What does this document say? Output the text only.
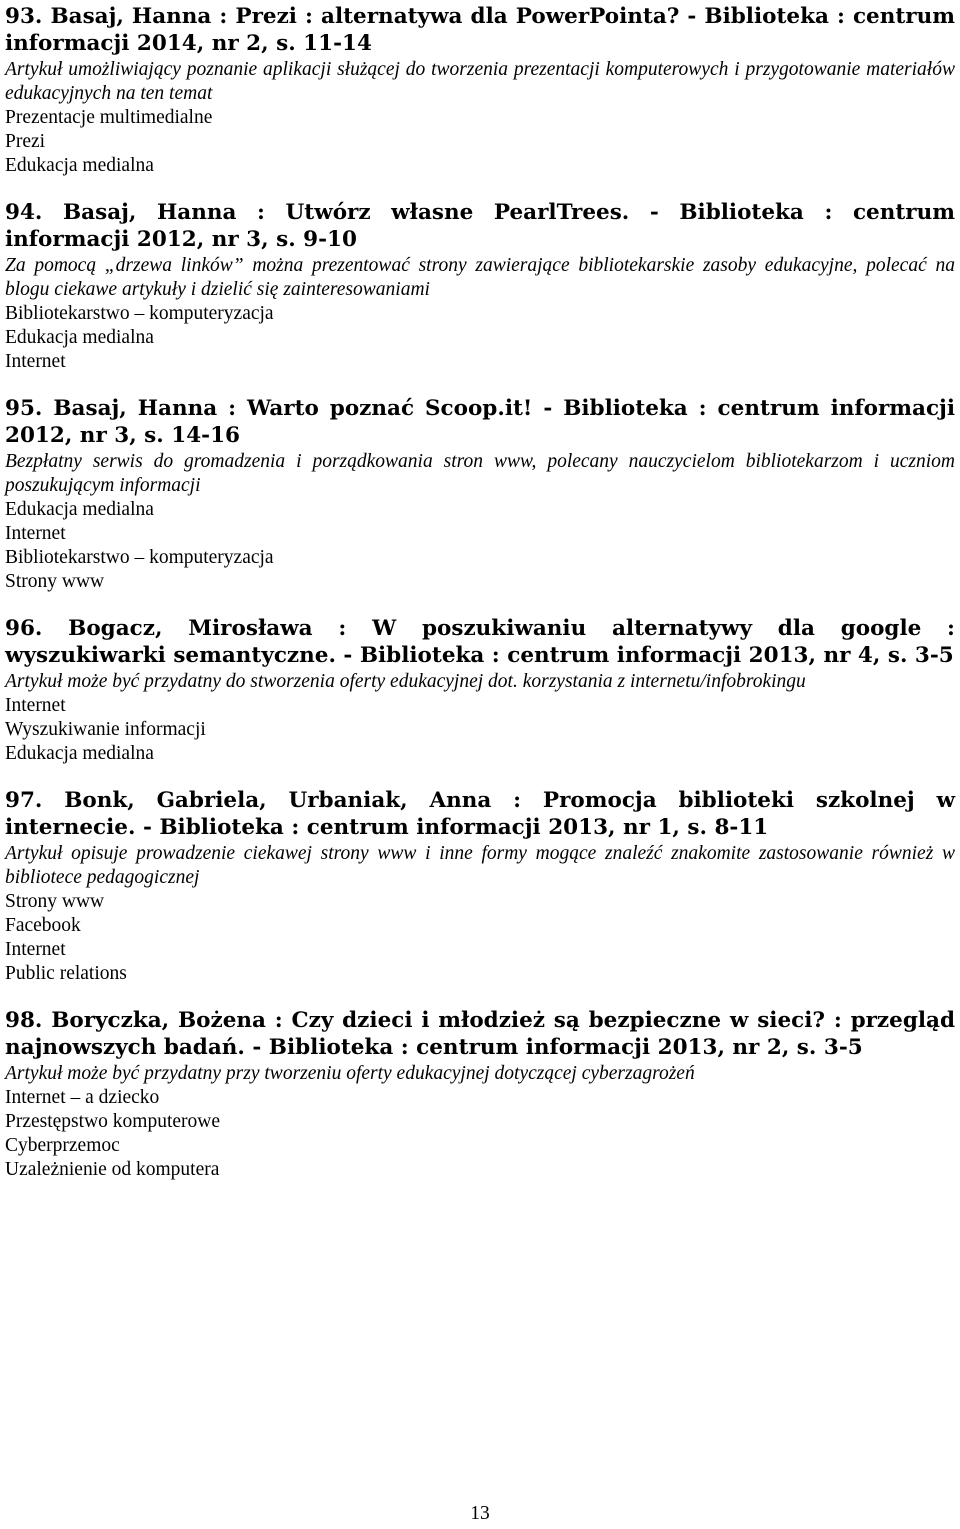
93. Basaj, Hanna : Prezi : alternatywa dla PowerPointa? - Biblioteka : centrum informacji 2014, nr 2, s. 11-14

Artykuł umożliwiający poznanie aplikacji służącej do tworzenia prezentacji komputerowych i przygotowanie materiałów edukacyjnych na ten temat

Prezentacje multimedialne
Prezi
Edukacja medialna

94. Basaj, Hanna : Utwórz własne PearlTrees. - Biblioteka : centrum informacji 2012, nr 3, s. 9-10

Za pomocą „drzewa linków” można prezentować strony zawierające bibliotekarskie zasoby edukacyjne, polecać na blogu ciekawe artykuły i dzielić się zainteresowaniami

Bibliotekarstwo – komputeryzacja
Edukacja medialna
Internet

95. Basaj, Hanna : Warto poznać Scoop.it! - Biblioteka : centrum informacji 2012, nr 3, s. 14-16

Bezpłatny serwis do gromadzenia i porządkowania stron www, polecany nauczycielom bibliotekarzom i uczniom poszukującym informacji

Edukacja medialna
Internet
Bibliotekarstwo – komputeryzacja
Strony www

96. Bogacz, Mirosława : W poszukiwaniu alternatywy dla google : wyszukiwarki semantyczne. - Biblioteka : centrum informacji 2013, nr 4, s. 3-5

Artykuł może być przydatny do stworzenia oferty edukacyjnej dot. korzystania z internetu/infobrokingu

Internet
Wyszukiwanie informacji
Edukacja medialna

97. Bonk, Gabriela, Urbaniak, Anna : Promocja biblioteki szkolnej w internecie. - Biblioteka : centrum informacji 2013, nr 1, s. 8-11

Artykuł opisuje prowadzenie ciekawej strony www i inne formy mogące znaleźć znakomite zastosowanie również w bibliotece pedagogicznej

Strony www
Facebook
Internet
Public relations

98. Boryczka, Bożena : Czy dzieci i młodzież są bezpieczne w sieci? : przegląd najnowszych badań. - Biblioteka : centrum informacji 2013, nr 2, s. 3-5

Artykuł może być przydatny przy tworzeniu oferty edukacyjnej dotyczącej cyberzagrożeń

Internet – a dziecko
Przestępstwo komputerowe
Cyberprzemoc
Uzależnienie od komputera
13
